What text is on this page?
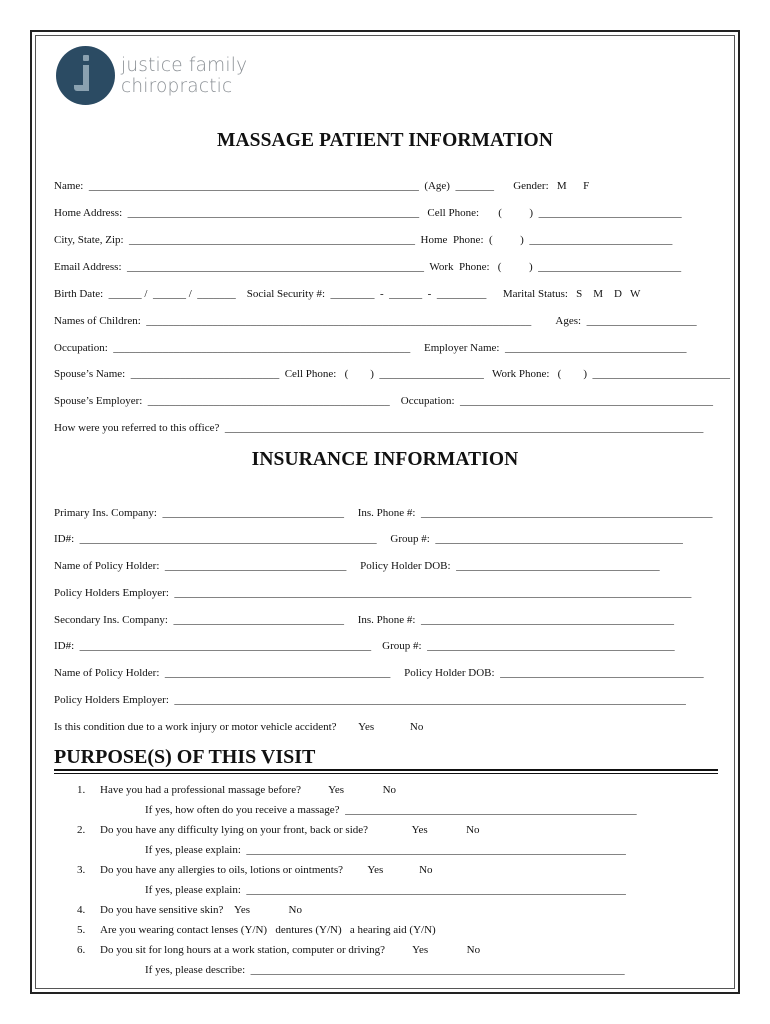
justice family
chiropractic
MASSAGE PATIENT INFORMATION
Name:  ____________________________________________________________  (Age)  _______       Gender:   M      F
Home Address:  _____________________________________________________   Cell Phone:       (          )  __________________________
City, State, Zip:  ____________________________________________________  Home  Phone:  (          )  __________________________
Email Address:  ______________________________________________________  Work  Phone:   (          )  __________________________
Birth Date:  ______ /  ______ /  _______    Social Security #:  ________  -  ______  -  _________      Marital Status:   S    M    D   W
Names of Children:  ______________________________________________________________________         Ages:  ____________________
Occupation:  ______________________________________________________     Employer Name:  _________________________________
Spouse’s Name:  ___________________________  Cell Phone:   (        )  ___________________   Work Phone:   (        )  _________________________
Spouse’s Employer:  ____________________________________________    Occupation:  ______________________________________________
How were you referred to this office?  _______________________________________________________________________________________
INSURANCE INFORMATION
Primary Ins. Company:  _________________________________     Ins. Phone #:  _____________________________________________________
ID#:  ______________________________________________________     Group #:  _____________________________________________
Name of Policy Holder:  _________________________________     Policy Holder DOB:  _____________________________________
Policy Holders Employer:  ______________________________________________________________________________________________
Secondary Ins. Company:  _______________________________     Ins. Phone #:  ______________________________________________
ID#:  _____________________________________________________    Group #:  _____________________________________________
Name of Policy Holder:  _________________________________________     Policy Holder DOB:  _____________________________________
Policy Holders Employer:  _____________________________________________________________________________________________
Is this condition due to a work injury or motor vehicle accident?        Yes             No
PURPOSE(S) OF THIS VISIT
1. Have you had a professional massage before?          Yes              No
If yes, how often do you receive a massage?  _____________________________________________________
2. Do you have any difficulty lying on your front, back or side?                Yes              No
If yes, please explain:  _____________________________________________________________________
3. Do you have any allergies to oils, lotions or ointments?         Yes             No
If yes, please explain:  _____________________________________________________________________
4. Do you have sensitive skin?    Yes              No
5. Are you wearing contact lenses (Y/N)   dentures (Y/N)   a hearing aid (Y/N)
6. Do you sit for long hours at a work station, computer or driving?          Yes              No
If yes, please describe:  ____________________________________________________________________
